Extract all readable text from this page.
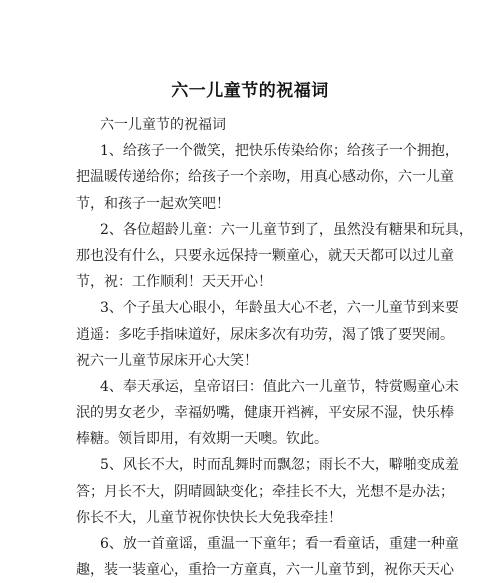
六一儿童节的祝福词
六一儿童节的祝福词
1、给孩子一个微笑，把快乐传染给你；给孩子一个拥抱，
把温暖传递给你；给孩子一个亲吻，用真心感动你，六一儿童
节，和孩子一起欢笑吧！
2、各位超龄儿童：六一儿童节到了，虽然没有糖果和玩具，
那也没有什么，只要永远保持一颗童心，就天天都可以过儿童
节，祝：工作顺利！天天开心！
3、个子虽大心眼小，年龄虽大心不老，六一儿童节到来要
逍遥：多吃手指味道好，尿床多次有功劳，渴了饿了要哭闹。
祝六一儿童节尿床开心大笑！
4、奉天承运，皇帝诏曰：值此六一儿童节，特赏赐童心未
泯的男女老少，幸福奶嘴，健康开裆裤，平安尿不湿，快乐棒
棒糖。领旨即用，有效期一天噢。钦此。
5、风长不大，时而乱舞时而飘忽；雨长不大，噼啪变成羞
答；月长不大，阴晴圆缺变化；牵挂长不大，光想不是办法；
你长不大，儿童节祝你快快长大免我牵挂！
6、放一首童谣，重温一下童年；看一看童话，重建一种童
趣，装一装童心，重拾一方童真，六一儿童节到，祝你天天心
